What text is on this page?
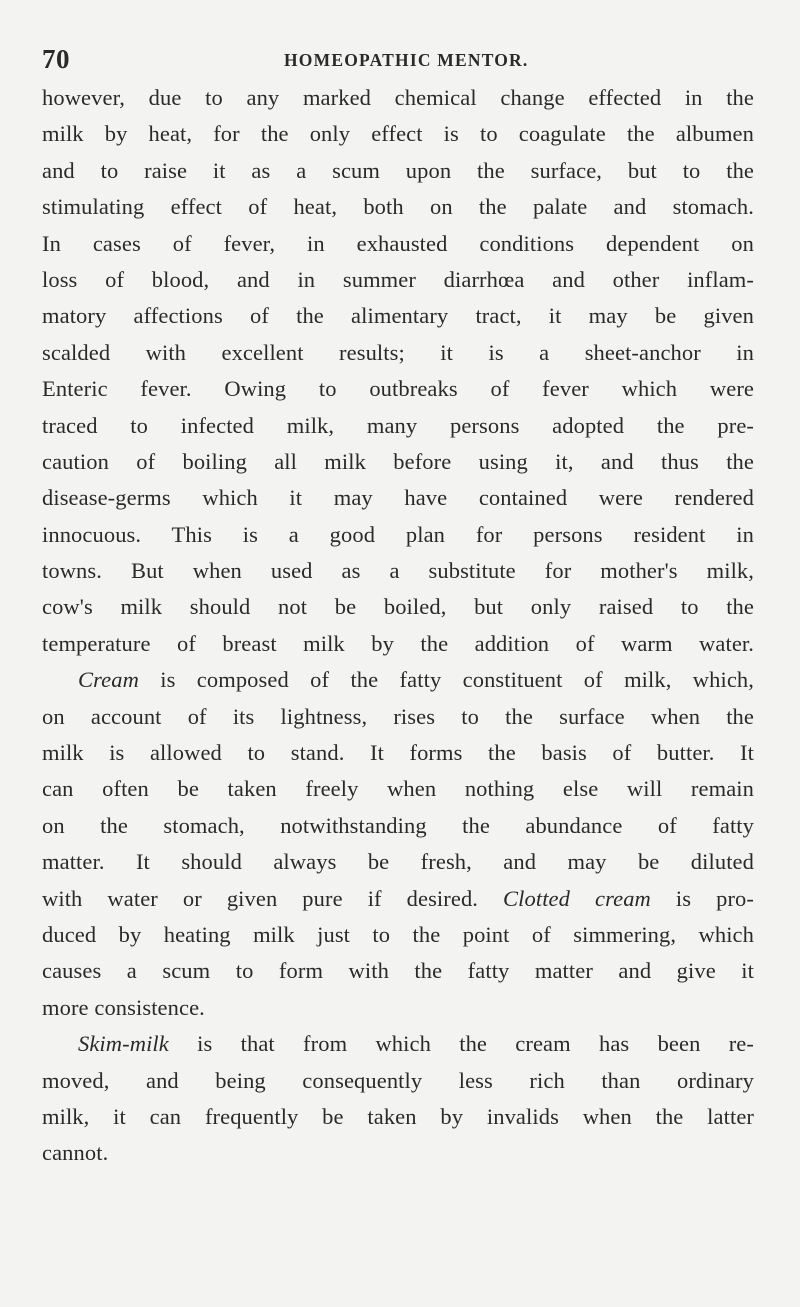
70	HOMEOPATHIC MENTOR.
however, due to any marked chemical change effected in the
milk by heat, for the only effect is to coagulate the albumen
and to raise it as a scum upon the surface, but to the
stimulating effect of heat, both on the palate and stomach.
In cases of fever, in exhausted conditions dependent on
loss of blood, and in summer diarrhœa and other inflam-
matory affections of the alimentary tract, it may be given
scalded with excellent results; it is a sheet-anchor in
Enteric fever. Owing to outbreaks of fever which were
traced to infected milk, many persons adopted the pre-
caution of boiling all milk before using it, and thus the
disease-germs which it may have contained were rendered
innocuous. This is a good plan for persons resident in
towns. But when used as a substitute for mother's milk,
cow's milk should not be boiled, but only raised to the
temperature of breast milk by the addition of warm water.
Cream is composed of the fatty constituent of milk, which,
on account of its lightness, rises to the surface when the
milk is allowed to stand. It forms the basis of butter. It
can often be taken freely when nothing else will remain
on the stomach, notwithstanding the abundance of fatty
matter. It should always be fresh, and may be diluted
with water or given pure if desired. Clotted cream is pro-
duced by heating milk just to the point of simmering, which
causes a scum to form with the fatty matter and give it
more consistence.
Skim-milk is that from which the cream has been re-
moved, and being consequently less rich than ordinary
milk, it can frequently be taken by invalids when the latter
cannot.
